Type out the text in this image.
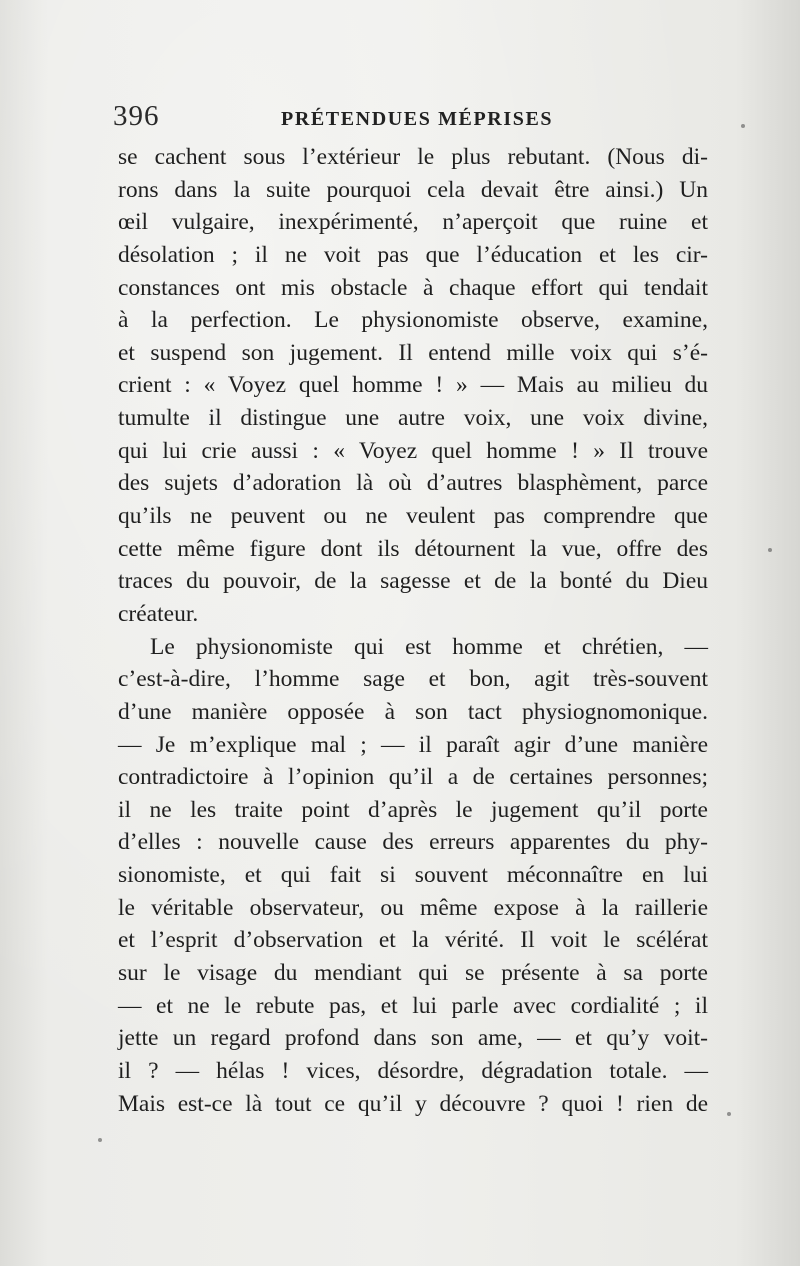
396	PRÉTENDUES MÉPRISES
se cachent sous l’extérieur le plus rebutant. (Nous di-
rons dans la suite pourquoi cela devait être ainsi.) Un
œil vulgaire, inexpérimenté, n’aperçoit que ruine et
désolation ; il ne voit pas que l’éducation et les cir-
constances ont mis obstacle à chaque effort qui tendait
à la perfection. Le physionomiste observe, examine,
et suspend son jugement. Il entend mille voix qui s’é-
crient : « Voyez quel homme ! » — Mais au milieu du
tumulte il distingue une autre voix, une voix divine,
qui lui crie aussi : « Voyez quel homme ! » Il trouve
des sujets d’adoration là où d’autres blasphèment, parce
qu’ils ne peuvent ou ne veulent pas comprendre que
cette même figure dont ils détournent la vue, offre des
traces du pouvoir, de la sagesse et de la bonté du Dieu
créateur.
Le physionomiste qui est homme et chrétien, —
c’est-à-dire, l’homme sage et bon, agit très-souvent
d’une manière opposée à son tact physiognomonique.
— Je m’explique mal ; — il paraît agir d’une manière
contradictoire à l’opinion qu’il a de certaines personnes;
il ne les traite point d’après le jugement qu’il porte
d’elles : nouvelle cause des erreurs apparentes du phy-
sionomiste, et qui fait si souvent méconnaître en lui
le véritable observateur, ou même expose à la raillerie
et l’esprit d’observation et la vérité. Il voit le scélérat
sur le visage du mendiant qui se présente à sa porte
— et ne le rebute pas, et lui parle avec cordialité ; il
jette un regard profond dans son ame, — et qu’y voit-
il ? — hélas ! vices, désordre, dégradation totale. —
Mais est-ce là tout ce qu’il y découvre ? quoi ! rien de
